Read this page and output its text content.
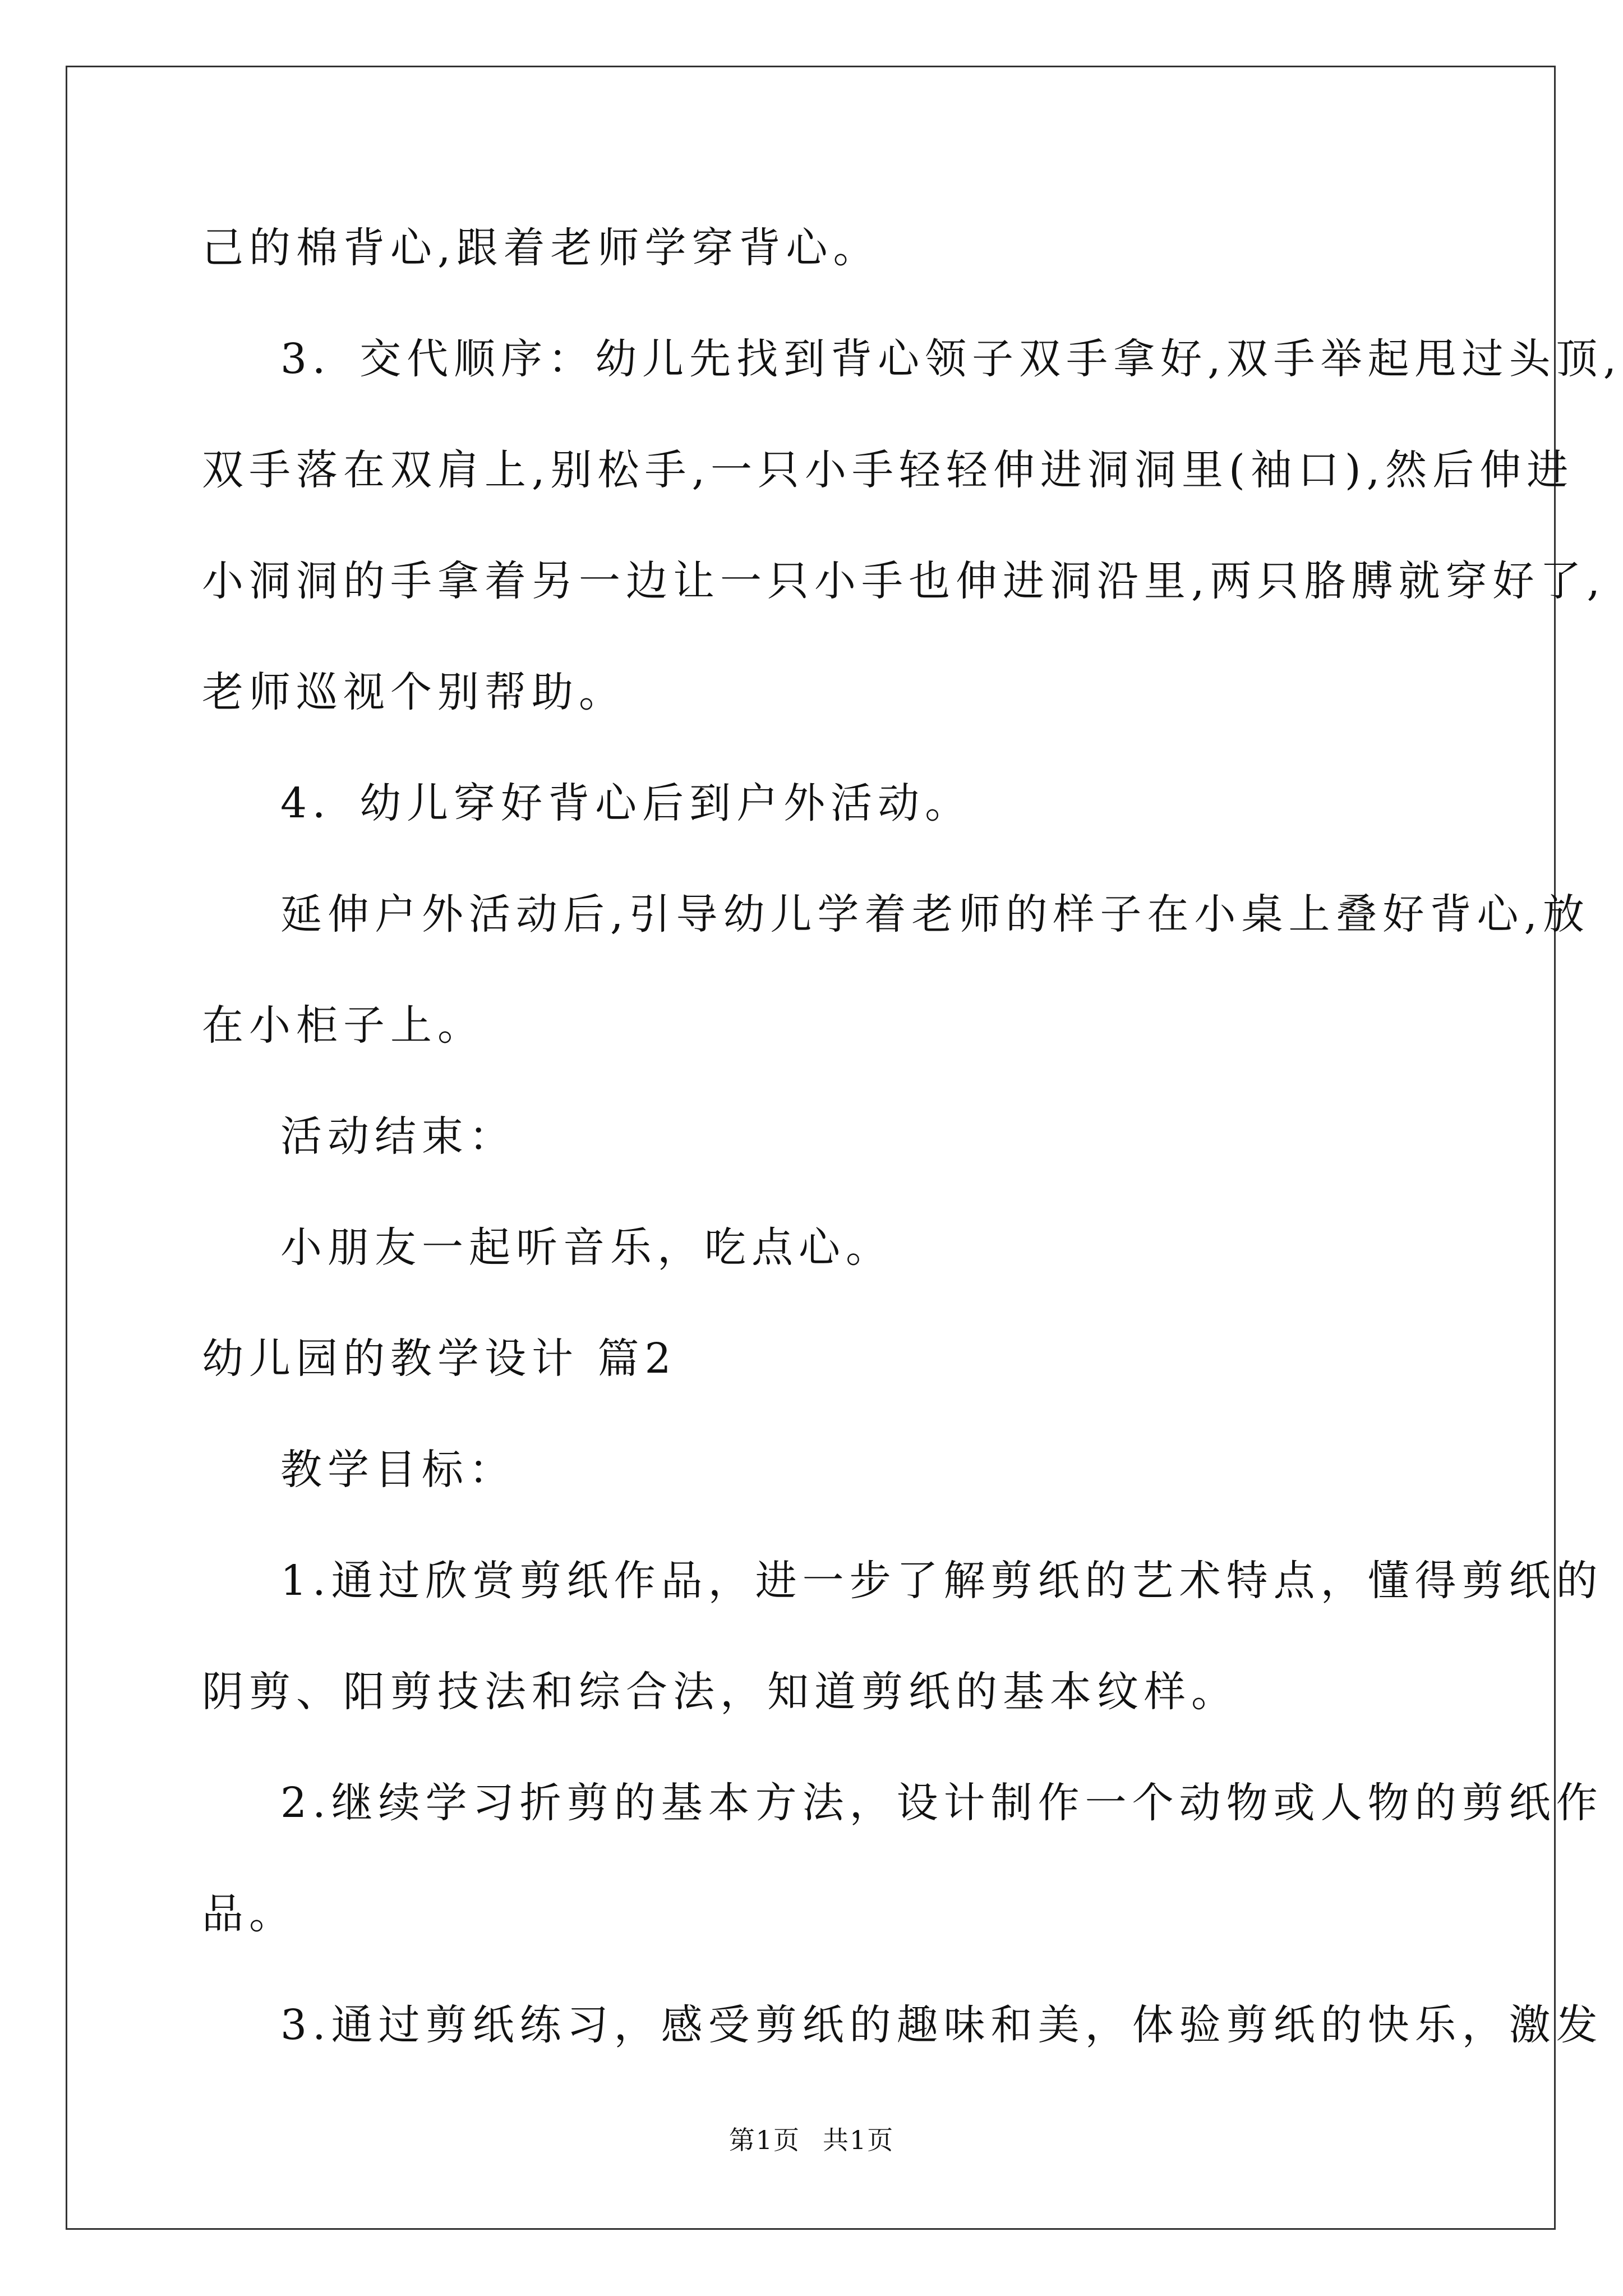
己的棉背心,跟着老师学穿背心。
3．交代顺序：幼儿先找到背心领子双手拿好,双手举起甩过头顶,
双手落在双肩上,别松手,一只小手轻轻伸进洞洞里(袖口),然后伸进
小洞洞的手拿着另一边让一只小手也伸进洞沿里,两只胳膊就穿好了,
老师巡视个别帮助。
4．幼儿穿好背心后到户外活动。
延伸户外活动后,引导幼儿学着老师的样子在小桌上叠好背心,放
在小柜子上。
活动结束：
小朋友一起听音乐，吃点心。
幼儿园的教学设计 篇2
教学目标：
1.通过欣赏剪纸作品，进一步了解剪纸的艺术特点，懂得剪纸的
阴剪、阳剪技法和综合法，知道剪纸的基本纹样。
2.继续学习折剪的基本方法，设计制作一个动物或人物的剪纸作
品。
3.通过剪纸练习，感受剪纸的趣味和美，体验剪纸的快乐，激发
第1页 共1页
